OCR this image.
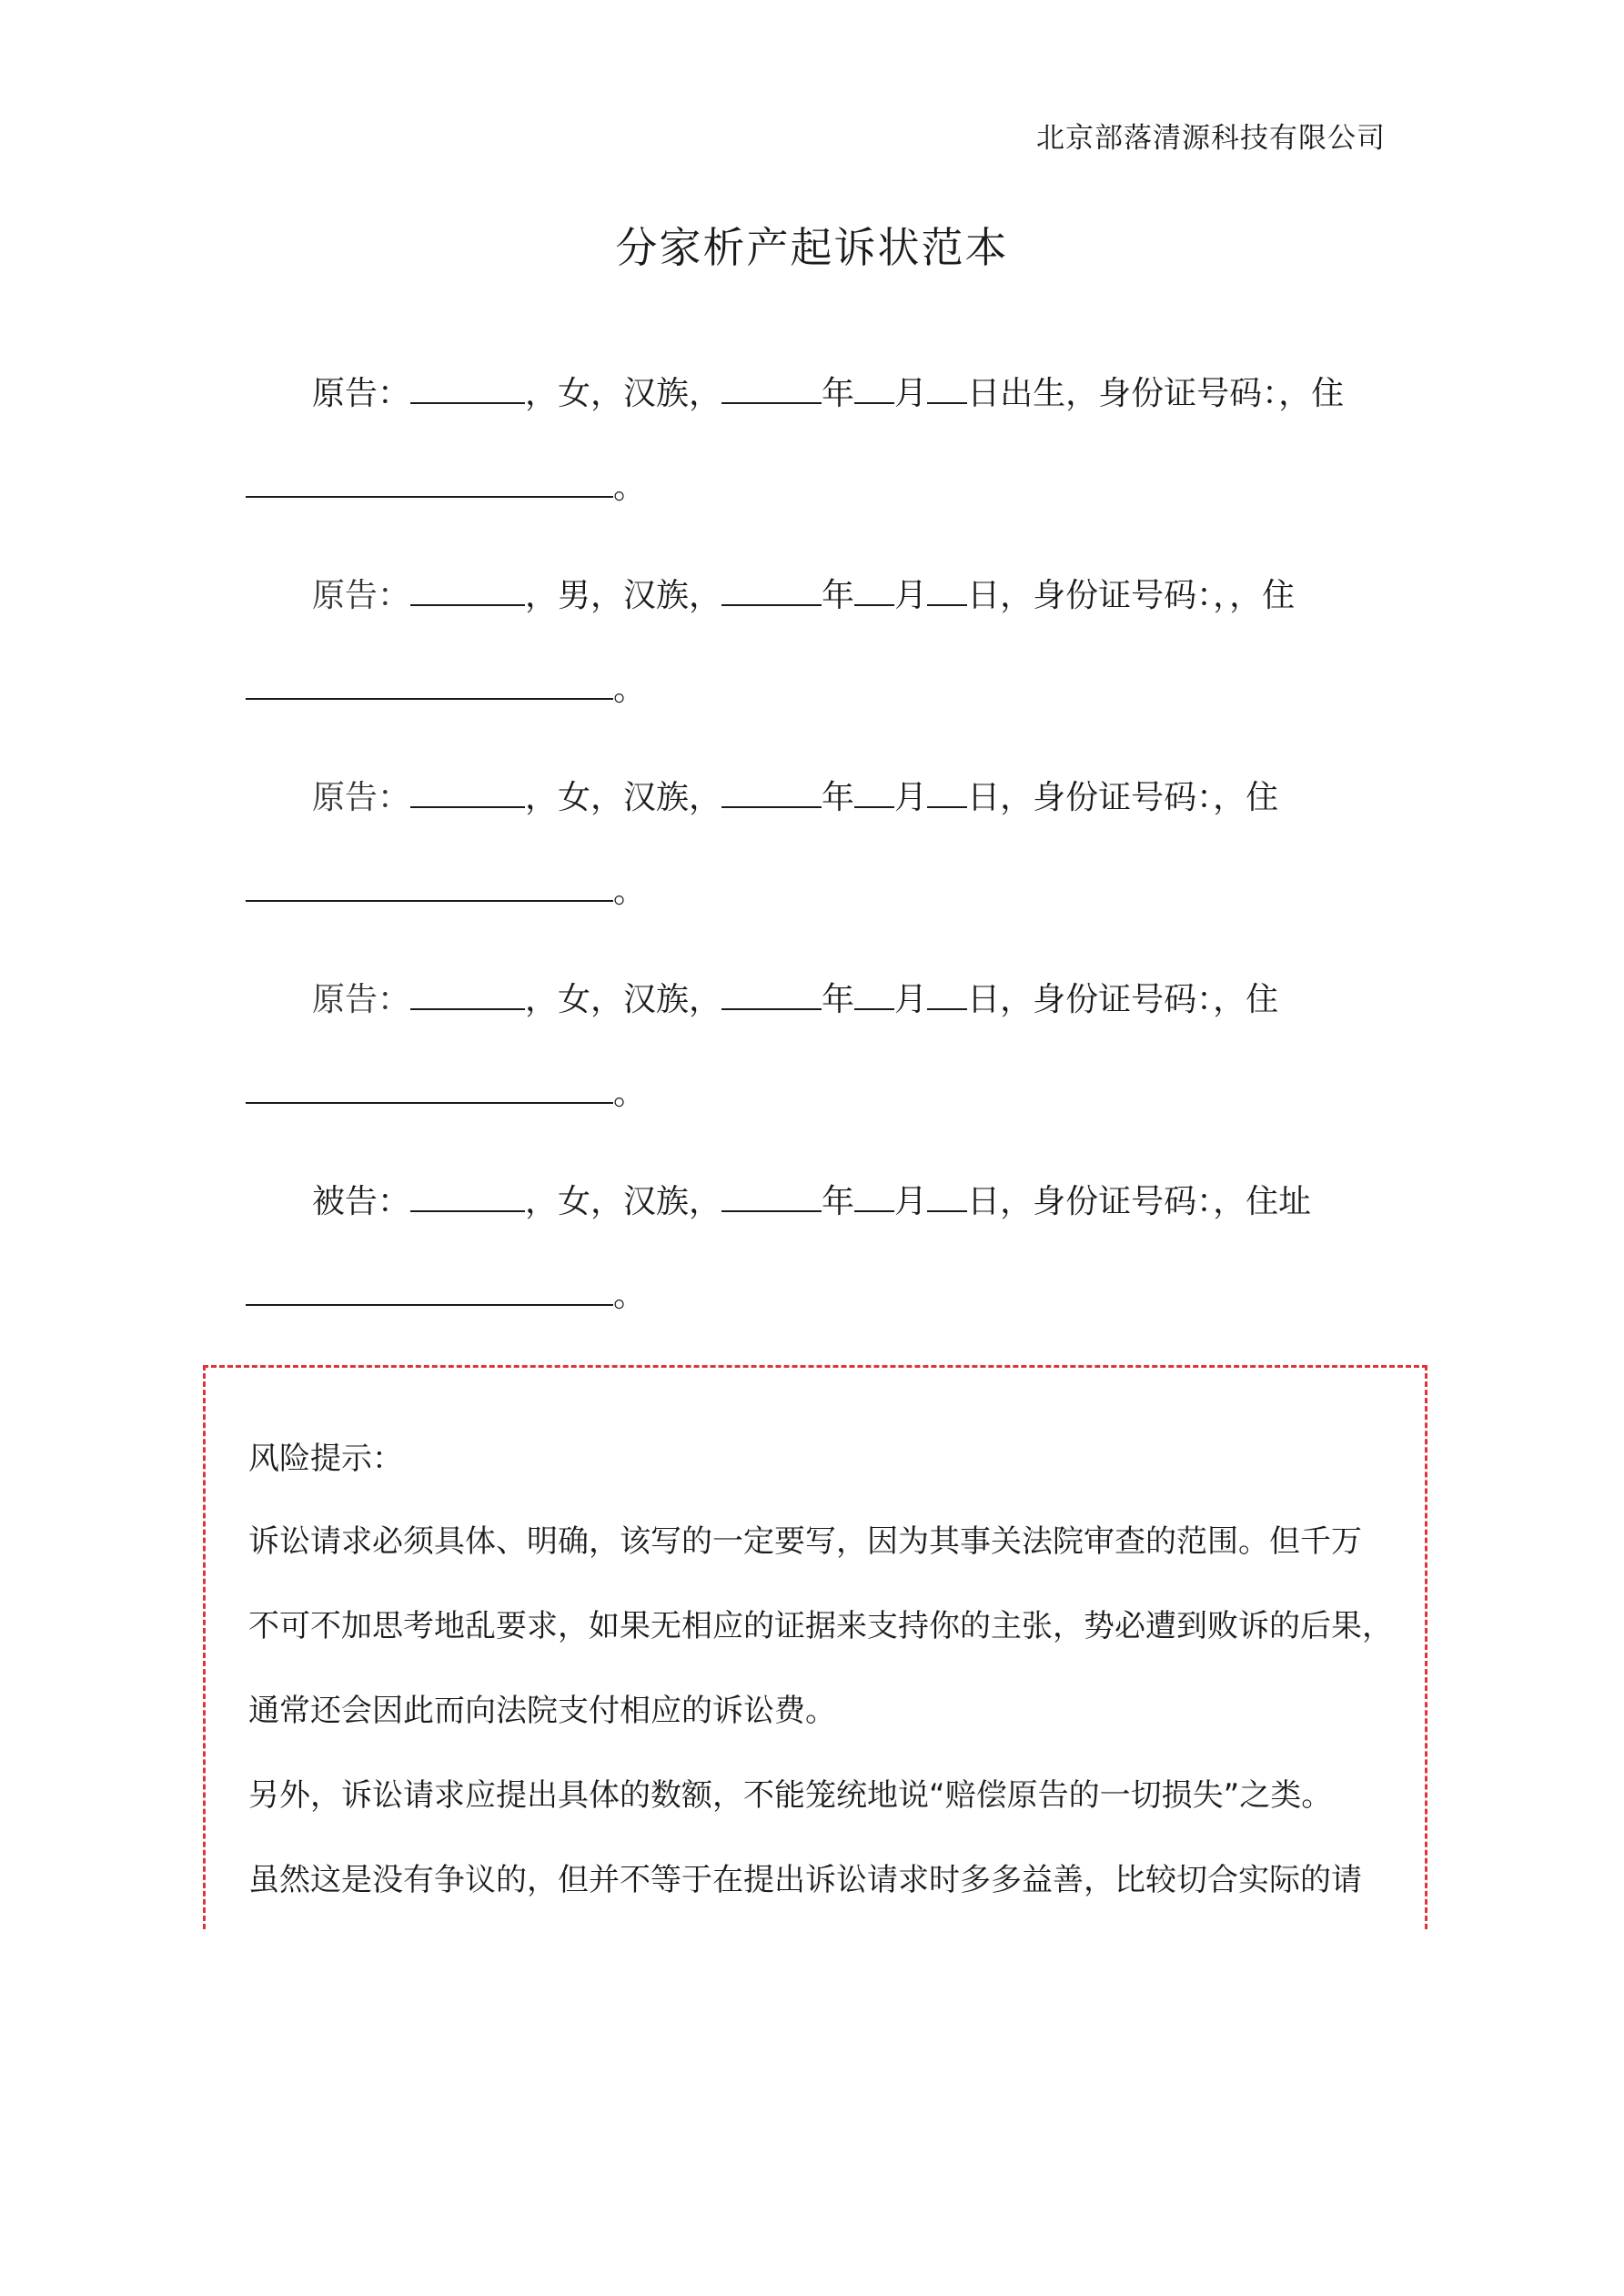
北京部落清源科技有限公司
分家析产起诉状范本
原告：	，女，汉族，	年 月 日出生，身份证号码：，住
。
原告：	，男，汉族，	年 月 日，身份证号码：，，住
。
原告：	，女，汉族，	年 月 日，身份证号码：，住
。
原告：	，女，汉族，	年 月 日，身份证号码：，住
。
被告：	，女，汉族，	年 月 日，身份证号码：，住址
。
风险提示：
诉讼请求必须具体、明确，该写的一定要写，因为其事关法院审查的范围。但千万
不可不加思考地乱要求，如果无相应的证据来支持你的主张，势必遭到败诉的后果，
通常还会因此而向法院支付相应的诉讼费。
另外，诉讼请求应提出具体的数额，不能笼统地说“赔偿原告的一切损失”之类。
虽然这是没有争议的，但并不等于在提出诉讼请求时多多益善，比较切合实际的请
